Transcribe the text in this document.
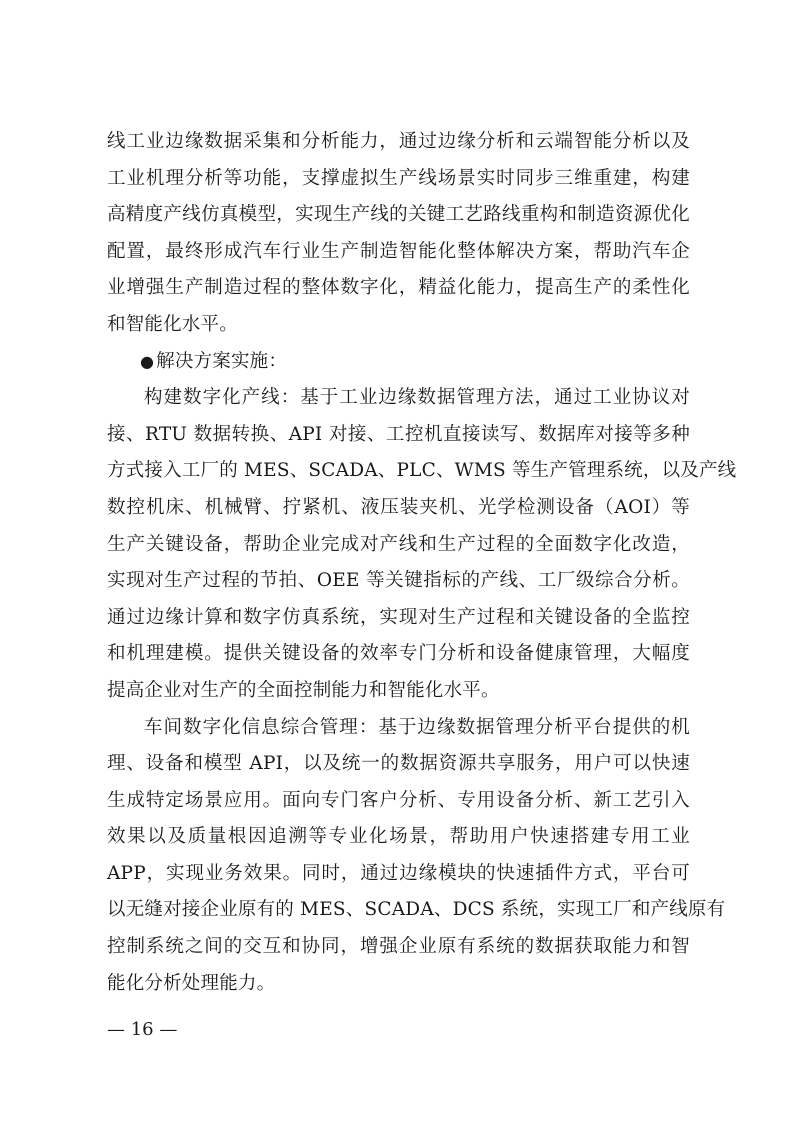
线工业边缘数据采集和分析能力，通过边缘分析和云端智能分析以及
工业机理分析等功能，支撑虚拟生产线场景实时同步三维重建，构建
高精度产线仿真模型，实现生产线的关键工艺路线重构和制造资源优化
配置，最终形成汽车行业生产制造智能化整体解决方案，帮助汽车企
业增强生产制造过程的整体数字化，精益化能力，提高生产的柔性化
和智能化水平。
● 解决方案实施：
构建数字化产线：基于工业边缘数据管理方法，通过工业协议对
接、RTU 数据转换、API 对接、工控机直接读写、数据库对接等多种
方式接入工厂的 MES、SCADA、PLC、WMS 等生产管理系统，以及产线
数控机床、机械臂、拧紧机、液压装夹机、光学检测设备（AOI）等
生产关键设备，帮助企业完成对产线和生产过程的全面数字化改造，
实现对生产过程的节拍、OEE 等关键指标的产线、工厂级综合分析。
通过边缘计算和数字仿真系统，实现对生产过程和关键设备的全监控
和机理建模。提供关键设备的效率专门分析和设备健康管理，大幅度
提高企业对生产的全面控制能力和智能化水平。
车间数字化信息综合管理：基于边缘数据管理分析平台提供的机
理、设备和模型 API，以及统一的数据资源共享服务，用户可以快速
生成特定场景应用。面向专门客户分析、专用设备分析、新工艺引入
效果以及质量根因追溯等专业化场景，帮助用户快速搭建专用工业
APP，实现业务效果。同时，通过边缘模块的快速插件方式，平台可
以无缝对接企业原有的 MES、SCADA、DCS 系统，实现工厂和产线原有
控制系统之间的交互和协同，增强企业原有系统的数据获取能力和智
能化分析处理能力。
— 16 —
